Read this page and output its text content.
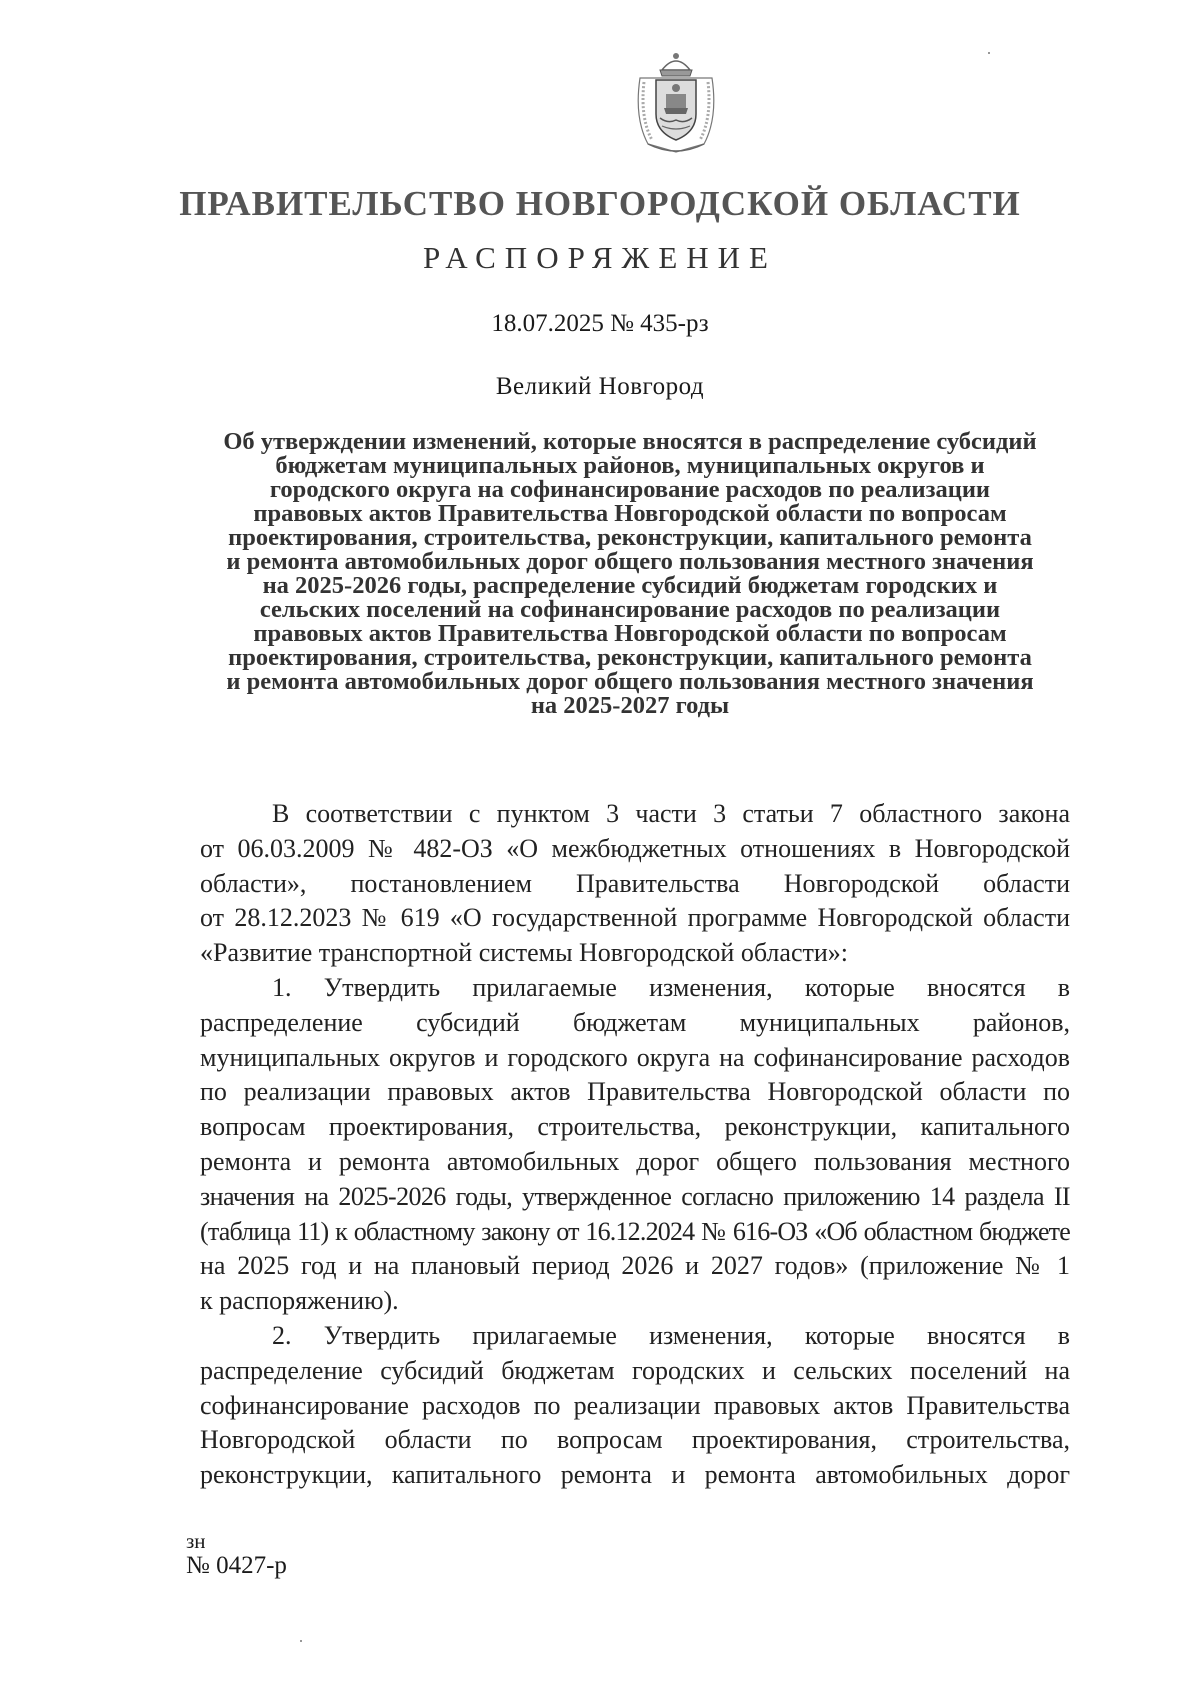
ПРАВИТЕЛЬСТВО НОВГОРОДСКОЙ ОБЛАСТИ
РАСПОРЯЖЕНИЕ
18.07.2025 № 435-рз
Великий Новгород
Об утверждении изменений, которые вносятся в распределение субсидий
бюджетам муниципальных районов, муниципальных округов и
городского округа на софинансирование расходов по реализации
правовых актов Правительства Новгородской области по вопросам
проектирования, строительства, реконструкции, капитального ремонта
и ремонта автомобильных дорог общего пользования местного значения
на 2025-2026 годы, распределение субсидий бюджетам городских и
сельских поселений на софинансирование расходов по реализации
правовых актов Правительства Новгородской области по вопросам
проектирования, строительства, реконструкции, капитального ремонта
и ремонта автомобильных дорог общего пользования местного значения
на 2025-2027 годы

В соответствии с пунктом 3 части 3 статьи 7 областного закона
от 06.03.2009 № 482-ОЗ «О межбюджетных отношениях в Новгородской
области», постановлением Правительства Новгородской области
от 28.12.2023 № 619 «О государственной программе Новгородской области
«Развитие транспортной системы Новгородской области»:

1. Утвердить прилагаемые изменения, которые вносятся в
распределение субсидий бюджетам муниципальных районов,
муниципальных округов и городского округа на софинансирование расходов
по реализации правовых актов Правительства Новгородской области по
вопросам проектирования, строительства, реконструкции, капитального
ремонта и ремонта автомобильных дорог общего пользования местного
значения на 2025-2026 годы, утвержденное согласно приложению 14 раздела II
(таблица 11) к областному закону от 16.12.2024 № 616-ОЗ «Об областном бюджете
на 2025 год и на плановый период 2026 и 2027 годов» (приложение № 1
к распоряжению).

2. Утвердить прилагаемые изменения, которые вносятся в
распределение субсидий бюджетам городских и сельских поселений на
софинансирование расходов по реализации правовых актов Правительства
Новгородской области по вопросам проектирования, строительства,
реконструкции, капитального ремонта и ремонта автомобильных дорог

зн
№ 0427-р
